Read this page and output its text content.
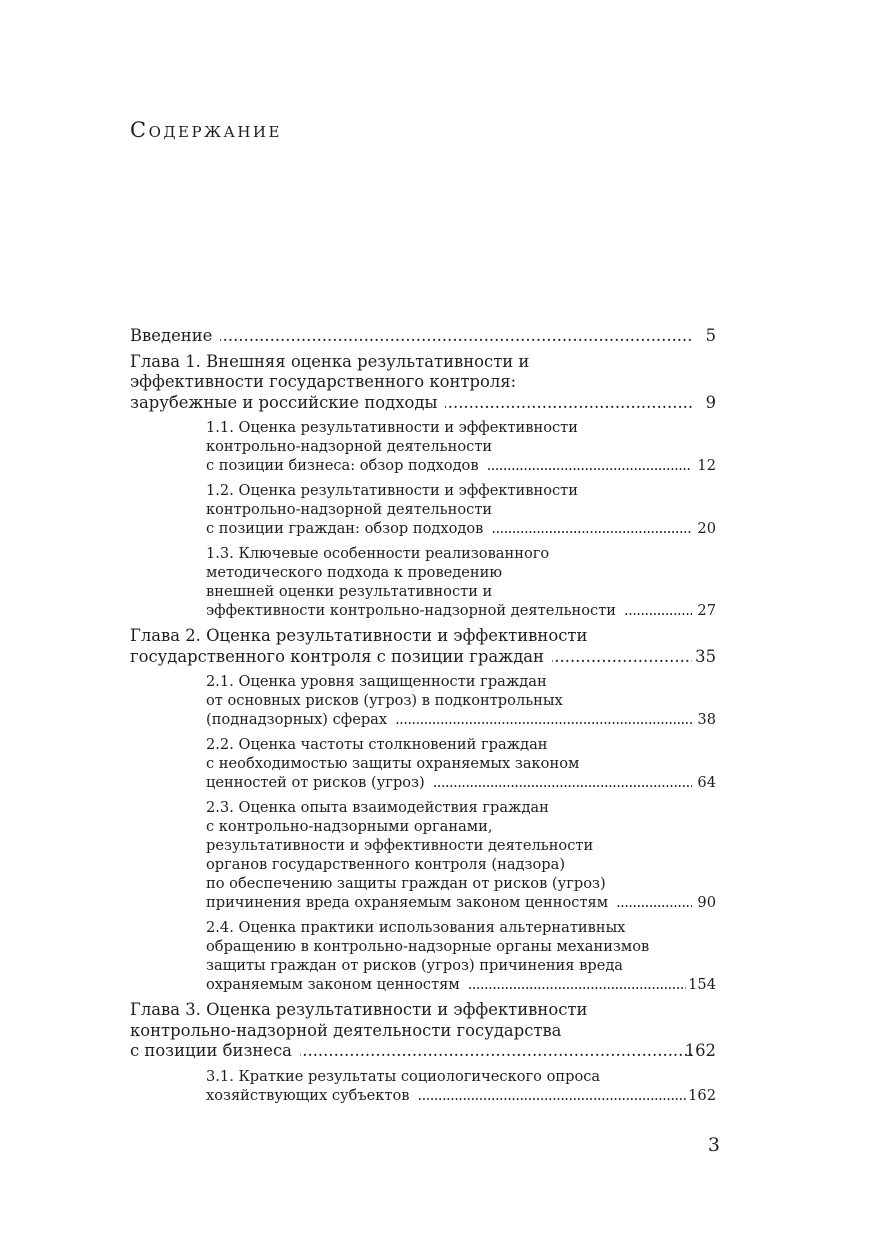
Содержание
Введение . . .	5
Глава 1. Внешняя оценка результативности и
эффективности государственного контроля:
зарубежные и российские подходы . . .	9
1.1. Оценка результативности и эффективности
контрольно-надзорной деятельности
с позиции бизнеса: обзор подходов . . .	12
1.2. Оценка результативности и эффективности
контрольно-надзорной деятельности
с позиции граждан: обзор подходов . . .	20
1.3. Ключевые особенности реализованного
методического подхода к проведению
внешней оценки результативности и
эффективности контрольно-надзорной деятельности . . .	27
Глава 2. Оценка результативности и эффективности
государственного контроля с позиции граждан . . .	35
2.1. Оценка уровня защищенности граждан
от основных рисков (угроз) в подконтрольных
(поднадзорных) сферах . . .	38
2.2. Оценка частоты столкновений граждан
с необходимостью защиты охраняемых законом
ценностей от рисков (угроз) . . .	64
2.3. Оценка опыта взаимодействия граждан
с контрольно-надзорными органами,
результативности и эффективности деятельности
органов государственного контроля (надзора)
по обеспечению защиты граждан от рисков (угроз)
причинения вреда охраняемым законом ценностям . . .	90
2.4. Оценка практики использования альтернативных
обращению в контрольно-надзорные органы механизмов
защиты граждан от рисков (угроз) причинения вреда
охраняемым законом ценностям . . .	154
Глава 3. Оценка результативности и эффективности
контрольно-надзорной деятельности государства
с позиции бизнеса . . .	162
3.1. Краткие результаты социологического опроса
хозяйствующих субъектов . . .	162
3
